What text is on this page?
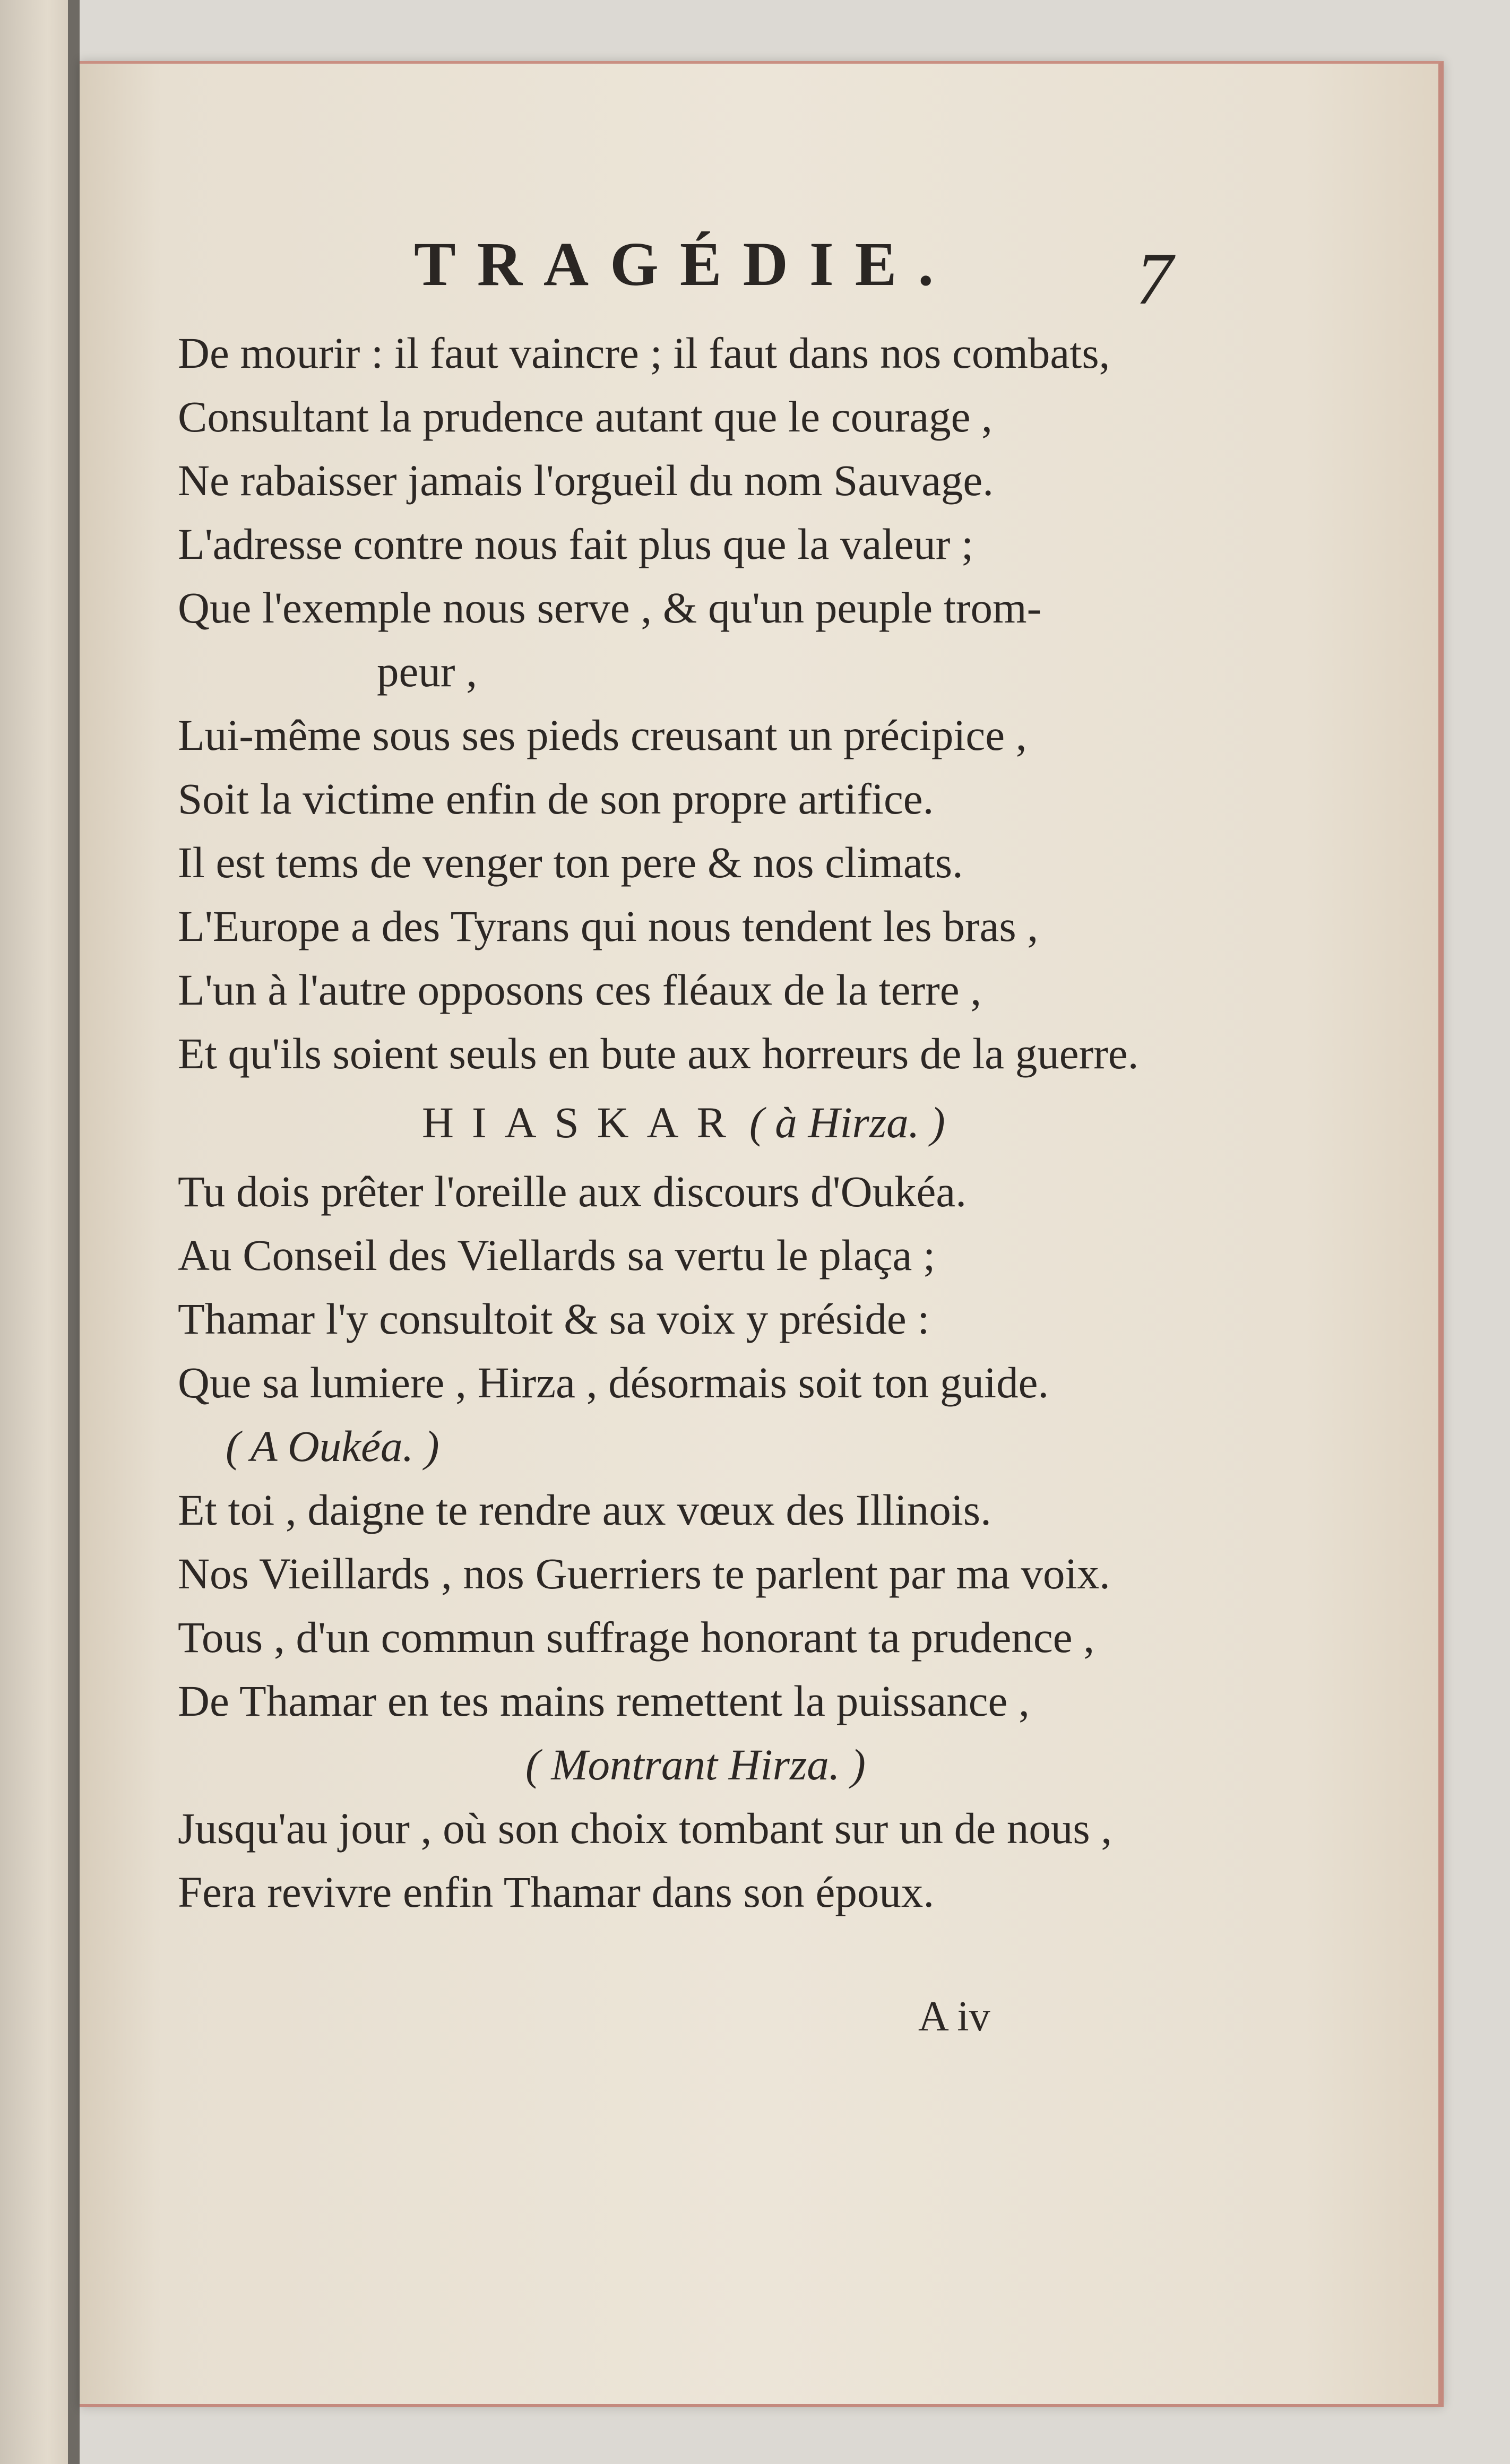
TRAGÉDIE.	7
De mourir : il faut vaincre ; il faut dans nos combats,
Consultant la prudence autant que le courage ,
Ne rabaisser jamais l'orgueil du nom Sauvage.
L'adresse contre nous fait plus que la valeur ;
Que l'exemple nous serve , & qu'un peuple trom-
peur ,
Lui-même sous ses pieds creusant un précipice ,
Soit la victime enfin de son propre artifice.
Il est tems de venger ton pere & nos climats.
L'Europe a des Tyrans qui nous tendent les bras ,
L'un à l'autre opposons ces fléaux de la terre ,
Et qu'ils soient seuls en bute aux horreurs de la guerre.
HIASKAR ( à Hirza. )
Tu dois prêter l'oreille aux discours d'Oukéa.
Au Conseil des Viellards sa vertu le plaça ;
Thamar l'y consultoit & sa voix y préside :
Que sa lumiere , Hirza , désormais soit ton guide.
( A Oukéa. )
Et toi , daigne te rendre aux vœux des Illinois.
Nos Vieillards , nos Guerriers te parlent par ma voix.
Tous , d'un commun suffrage honorant ta prudence ,
De Thamar en tes mains remettent la puissance ,
( Montrant Hirza. )
Jusqu'au jour , où son choix tombant sur un de nous ,
Fera revivre enfin Thamar dans son époux.
A iv
